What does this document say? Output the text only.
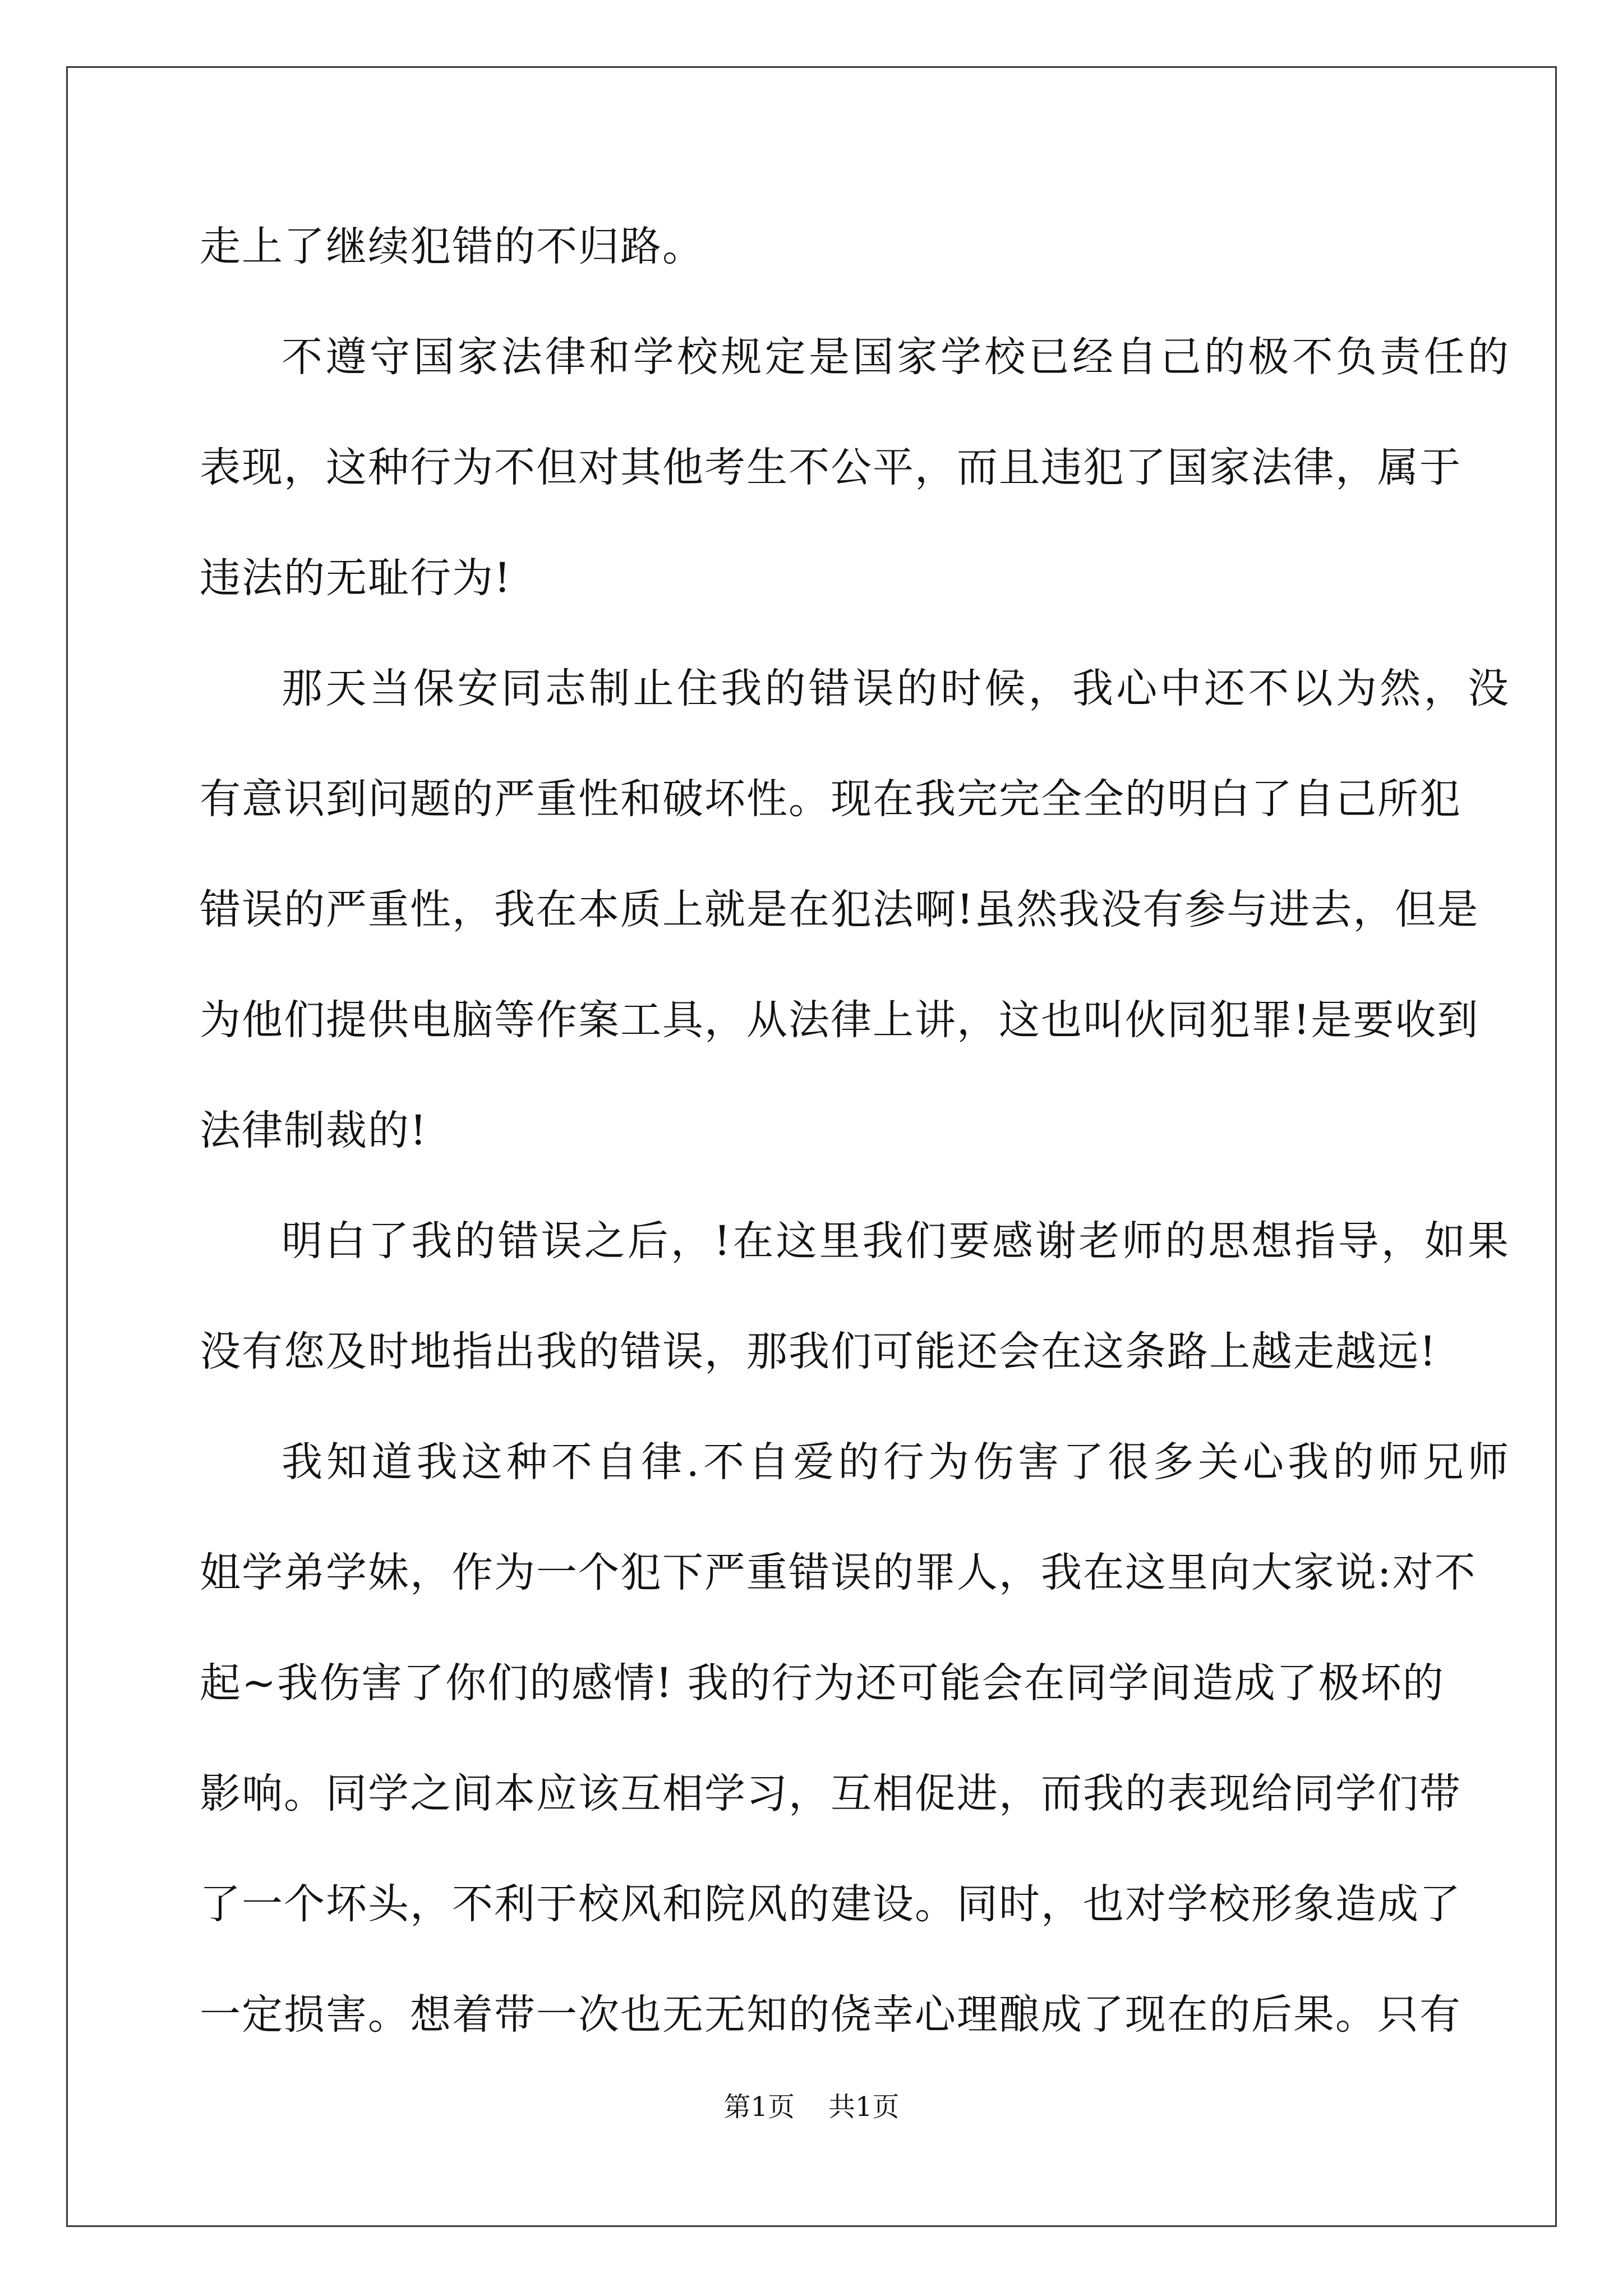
走上了继续犯错的不归路。
不遵守国家法律和学校规定是国家学校已经自己的极不负责任的
表现，这种行为不但对其他考生不公平，而且违犯了国家法律，属于
违法的无耻行为!
那天当保安同志制止住我的错误的时候，我心中还不以为然，没
有意识到问题的严重性和破坏性。现在我完完全全的明白了自己所犯
错误的严重性，我在本质上就是在犯法啊!虽然我没有参与进去，但是
为他们提供电脑等作案工具，从法律上讲，这也叫伙同犯罪!是要收到
法律制裁的!
明白了我的错误之后，!在这里我们要感谢老师的思想指导，如果
没有您及时地指出我的错误，那我们可能还会在这条路上越走越远!
我知道我这种不自律.不自爱的行为伤害了很多关心我的师兄师
姐学弟学妹，作为一个犯下严重错误的罪人，我在这里向大家说:对不
起~我伤害了你们的感情! 我的行为还可能会在同学间造成了极坏的
影响。同学之间本应该互相学习，互相促进，而我的表现给同学们带
了一个坏头，不利于校风和院风的建设。同时，也对学校形象造成了
一定损害。想着带一次也无无知的侥幸心理酿成了现在的后果。只有
第1页 共1页
